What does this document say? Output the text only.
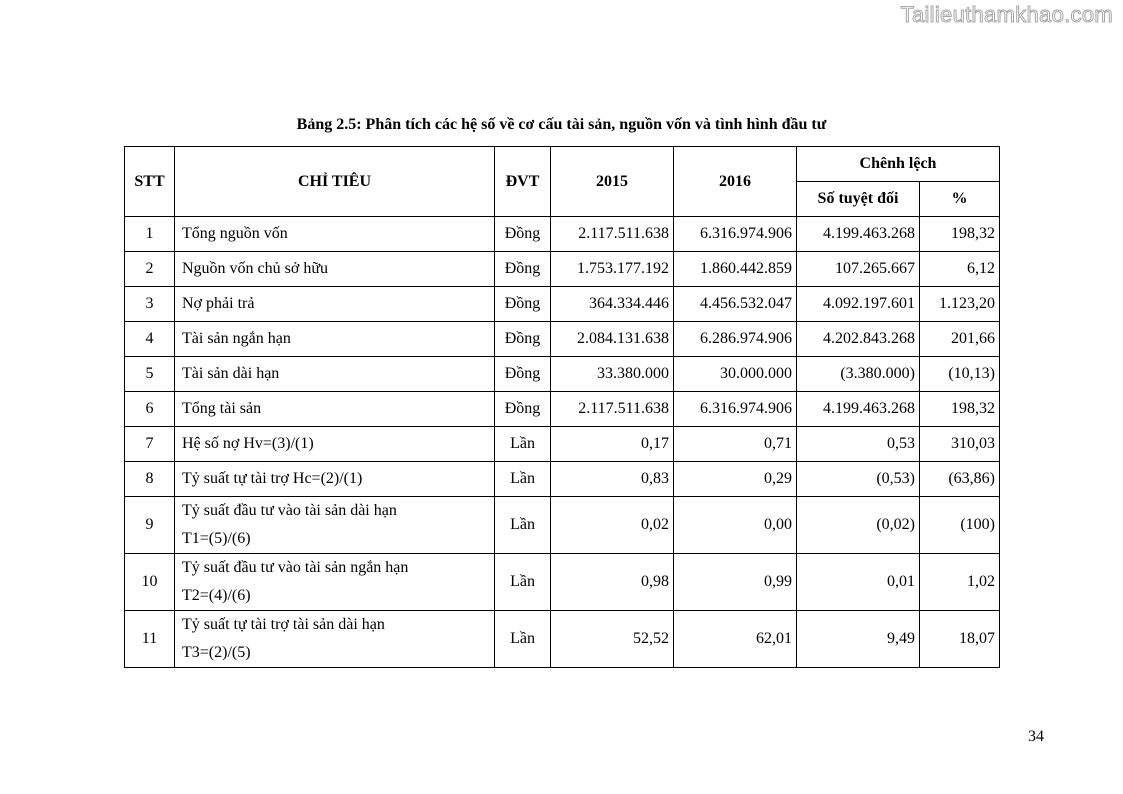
Tailieuthamkhao.com
Bảng 2.5: Phân tích các hệ số về cơ cấu tài sản, nguồn vốn và tình hình đầu tư
STT	CHỈ TIÊU	ĐVT	2015	2016	Chênh lệch	
					Số tuyệt đối	%
1	Tổng nguồn vốn	Đồng	2.117.511.638	6.316.974.906	4.199.463.268	198,32
2	Nguồn vốn chủ sở hữu	Đồng	1.753.177.192	1.860.442.859	107.265.667	6,12
3	Nợ phải trả	Đồng	364.334.446	4.456.532.047	4.092.197.601	1.123,20
4	Tài sản ngắn hạn	Đồng	2.084.131.638	6.286.974.906	4.202.843.268	201,66
5	Tài sản dài hạn	Đồng	33.380.000	30.000.000	(3.380.000)	(10,13)
6	Tổng tài sản	Đồng	2.117.511.638	6.316.974.906	4.199.463.268	198,32
7	Hệ số nợ Hv=(3)/(1)	Lần	0,17	0,71	0,53	310,03
8	Tỷ suất tự tài trợ Hc=(2)/(1)	Lần	0,83	0,29	(0,53)	(63,86)
9	Tỷ suất đầu tư vào tài sản dài hạn
T1=(5)/(6)	Lần	0,02	0,00	(0,02)	(100)
10	Tỷ suất đầu tư vào tài sản ngắn hạn
T2=(4)/(6)	Lần	0,98	0,99	0,01	1,02
11	Tỷ suất tự tài trợ tài sản dài hạn
T3=(2)/(5)	Lần	52,52	62,01	9,49	18,07
34
